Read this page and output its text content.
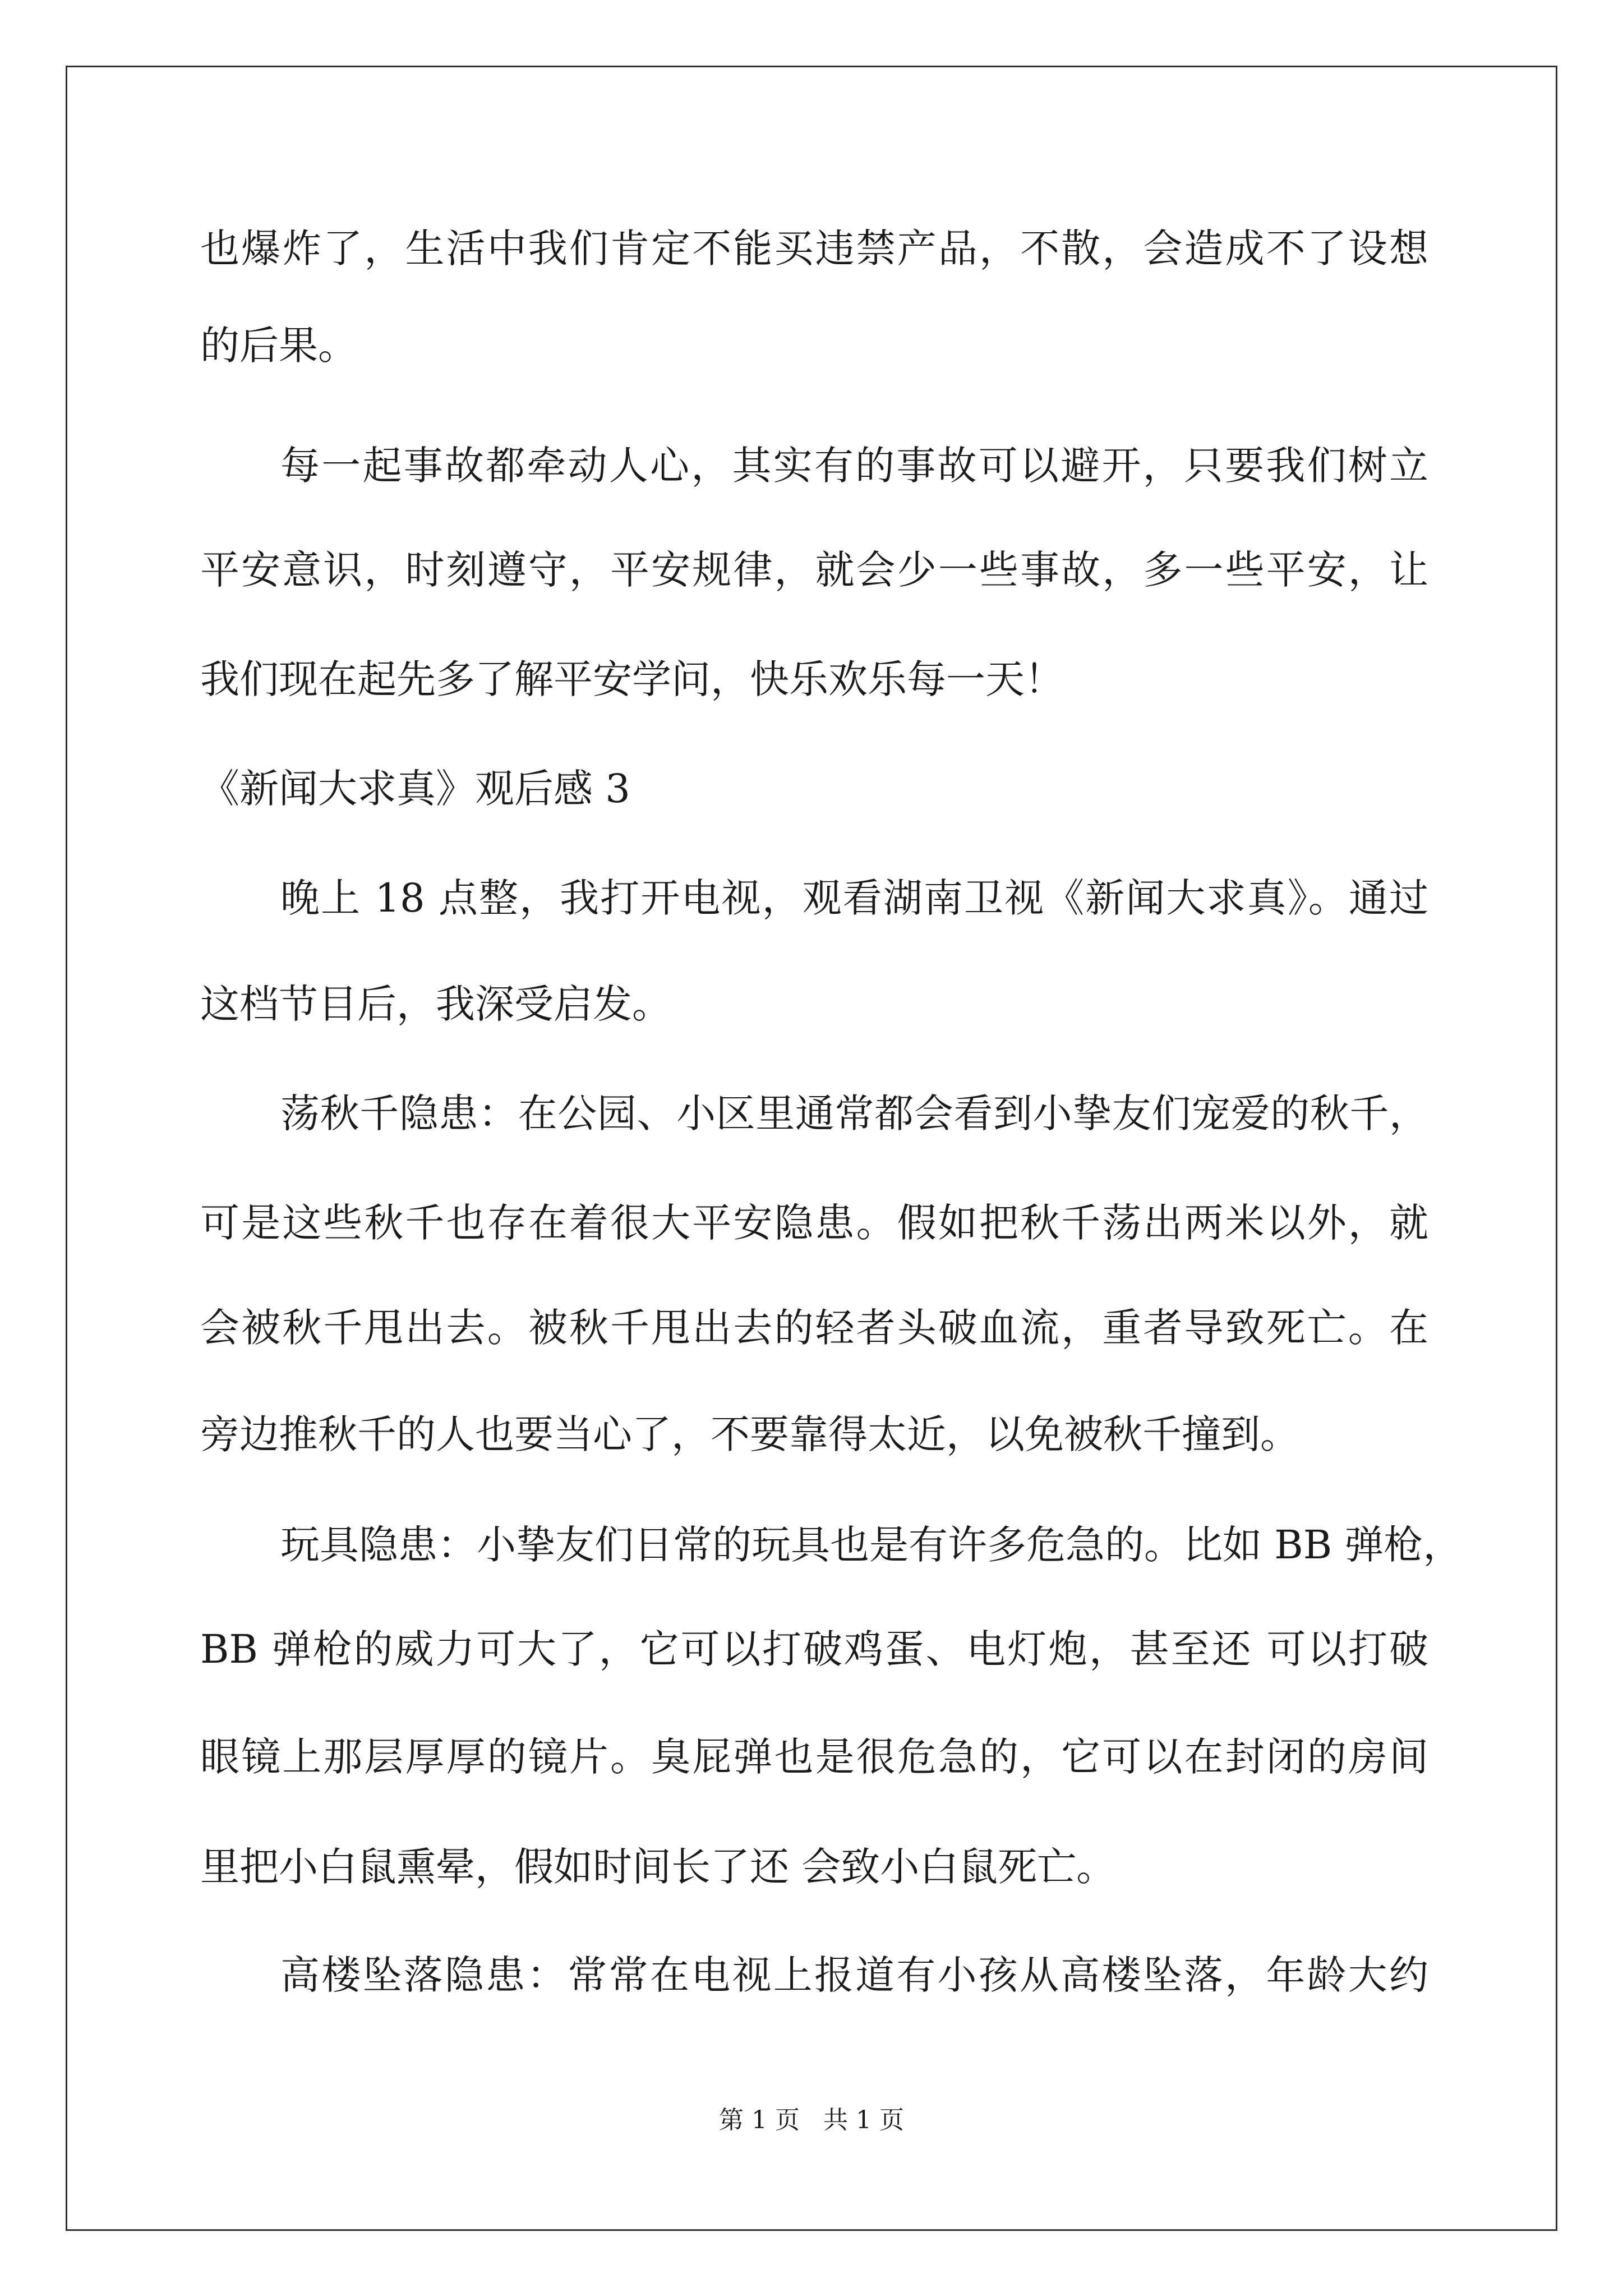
也爆炸了，生活中我们肯定不能买违禁产品，不散，会造成不了设想
的后果。
每一起事故都牵动人心，其实有的事故可以避开，只要我们树立
平安意识，时刻遵守，平安规律，就会少一些事故，多一些平安，让
我们现在起先多了解平安学问，快乐欢乐每一天！
《新闻大求真》观后感 3
晚上 18 点整，我打开电视，观看湖南卫视《新闻大求真》。通过
这档节目后，我深受启发。
荡秋千隐患：在公园、小区里通常都会看到小挚友们宠爱的秋千，
可是这些秋千也存在着很大平安隐患。假如把秋千荡出两米以外，就
会被秋千甩出去。被秋千甩出去的轻者头破血流，重者导致死亡。在
旁边推秋千的人也要当心了，不要靠得太近，以免被秋千撞到。
玩具隐患：小挚友们日常的玩具也是有许多危急的。比如 BB 弹枪，
BB 弹枪的威力可大了，它可以打破鸡蛋、电灯炮，甚至还 可以打破
眼镜上那层厚厚的镜片。臭屁弹也是很危急的，它可以在封闭的房间
里把小白鼠熏晕，假如时间长了还 会致小白鼠死亡。
高楼坠落隐患：常常在电视上报道有小孩从高楼坠落，年龄大约
第 1 页 共 1 页
